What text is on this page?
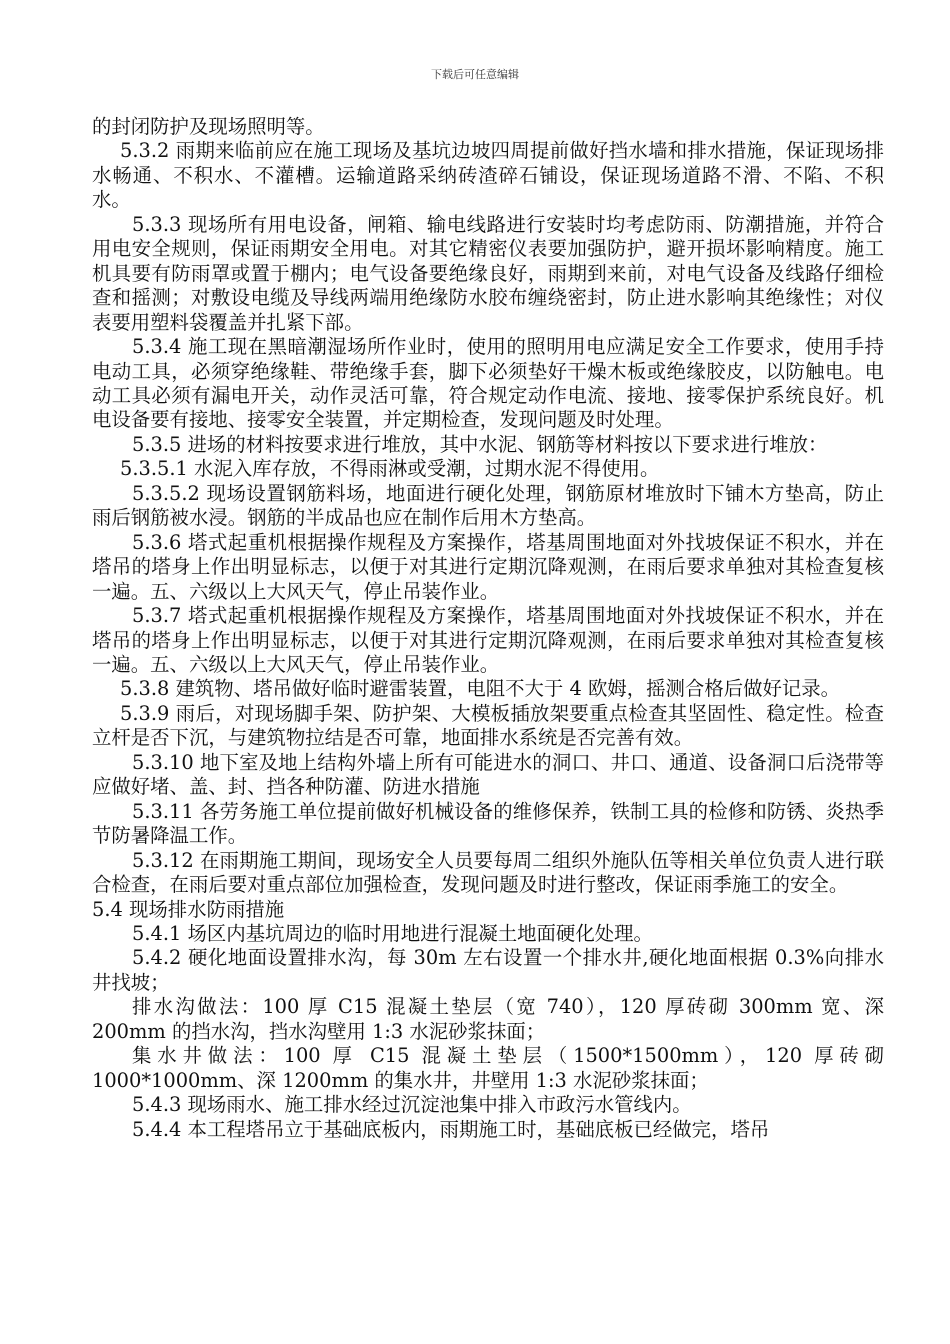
下载后可任意编辑

的封闭防护及现场照明等。

5.3.2 雨期来临前应在施工现场及基坑边坡四周提前做好挡水墙和排水措施，保证现场排水畅通、不积水、不灌槽。运输道路采纳砖渣碎石铺设，保证现场道路不滑、不陷、不积水。

5.3.3 现场所有用电设备，闸箱、输电线路进行安装时均考虑防雨、防潮措施，并符合用电安全规则，保证雨期安全用电。对其它精密仪表要加强防护，避开损坏影响精度。施工机具要有防雨罩或置于棚内；电气设备要绝缘良好，雨期到来前，对电气设备及线路仔细检查和摇测；对敷设电缆及导线两端用绝缘防水胶布缠绕密封，防止进水影响其绝缘性；对仪表要用塑料袋覆盖并扎紧下部。

5.3.4 施工现在黑暗潮湿场所作业时，使用的照明用电应满足安全工作要求，使用手持电动工具，必须穿绝缘鞋、带绝缘手套，脚下必须垫好干燥木板或绝缘胶皮，以防触电。电动工具必须有漏电开关，动作灵活可靠，符合规定动作电流、接地、接零保护系统良好。机电设备要有接地、接零安全装置，并定期检查，发现问题及时处理。

5.3.5 进场的材料按要求进行堆放，其中水泥、钢筋等材料按以下要求进行堆放：

5.3.5.1 水泥入库存放，不得雨淋或受潮，过期水泥不得使用。

5.3.5.2 现场设置钢筋料场，地面进行硬化处理，钢筋原材堆放时下铺木方垫高，防止雨后钢筋被水浸。钢筋的半成品也应在制作后用木方垫高。

5.3.6 塔式起重机根据操作规程及方案操作，塔基周围地面对外找坡保证不积水，并在塔吊的塔身上作出明显标志，以便于对其进行定期沉降观测，在雨后要求单独对其检查复核一遍。五、六级以上大风天气，停止吊装作业。

5.3.7 塔式起重机根据操作规程及方案操作，塔基周围地面对外找坡保证不积水，并在塔吊的塔身上作出明显标志，以便于对其进行定期沉降观测，在雨后要求单独对其检查复核一遍。五、六级以上大风天气，停止吊装作业。

5.3.8 建筑物、塔吊做好临时避雷装置，电阻不大于 4 欧姆，摇测合格后做好记录。

5.3.9 雨后，对现场脚手架、防护架、大模板插放架要重点检查其坚固性、稳定性。检查立杆是否下沉，与建筑物拉结是否可靠，地面排水系统是否完善有效。

5.3.10 地下室及地上结构外墙上所有可能进水的洞口、井口、通道、设备洞口后浇带等应做好堵、盖、封、挡各种防灌、防进水措施

5.3.11 各劳务施工单位提前做好机械设备的维修保养，铁制工具的检修和防锈、炎热季节防暑降温工作。

5.3.12 在雨期施工期间，现场安全人员要每周二组织外施队伍等相关单位负责人进行联合检查，在雨后要对重点部位加强检查，发现问题及时进行整改，保证雨季施工的安全。

5.4 现场排水防雨措施

5.4.1 场区内基坑周边的临时用地进行混凝土地面硬化处理。

5.4.2 硬化地面设置排水沟，每 30m 左右设置一个排水井,硬化地面根据 0.3%向排水井找坡；

排水沟做法：100 厚 C15 混凝土垫层（宽 740），120 厚砖砌 300mm 宽、深 200mm 的挡水沟，挡水沟壁用 1:3 水泥砂浆抹面；

集水井做法：100 厚 C15 混凝土垫层（1500*1500mm），120 厚砖砌 1000*1000mm、深 1200mm 的集水井，井壁用 1:3 水泥砂浆抹面；

5.4.3 现场雨水、施工排水经过沉淀池集中排入市政污水管线内。

5.4.4 本工程塔吊立于基础底板内，雨期施工时，基础底板已经做完，塔吊
